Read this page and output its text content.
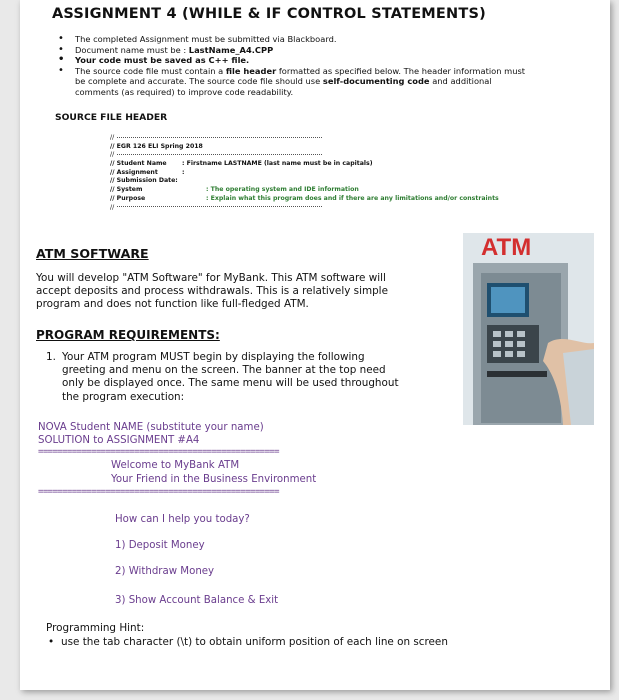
ASSIGNMENT 4 (WHILE & IF CONTROL STATEMENTS)
• The completed Assignment must be submitted via Blackboard.
• Document name must be : LastName_A4.CPP
• Your code must be saved as C++ file.
• The source code file must contain a file header formatted as specified below. The header information must
be complete and accurate. The source code file should use self-documenting code and additional
comments (as required) to improve code readability.
SOURCE FILE HEADER
//
// EGR 126 ELI Spring 2018
//
// Student Name : Firstname LASTNAME (last name must be in capitals)
// Assignment	:
// Submission Date:
// System	: The operating system and IDE information
// Purpose	: Explain what this program does and if there are any limitations and/or constraints
//
ATM SOFTWARE
You will develop "ATM Software" for MyBank. This ATM software will
accept deposits and process withdrawals. This is a relatively simple
program and does not function like full-fledged ATM.
ATM
PROGRAM REQUIREMENTS:
1. Your ATM program MUST begin by displaying the following
greeting and menu on the screen. The banner at the top need
only be displayed once. The same menu will be used throughout
the program execution:
NOVA Student NAME (substitute your name)
SOLUTION to ASSIGNMENT #A4
==================================================
Welcome to MyBank ATM
Your Friend in the Business Environment
==================================================
How can I help you today?
1) Deposit Money
2) Withdraw Money
3) Show Account Balance & Exit
Programming Hint:
• use the tab character (\t) to obtain uniform position of each line on screen
